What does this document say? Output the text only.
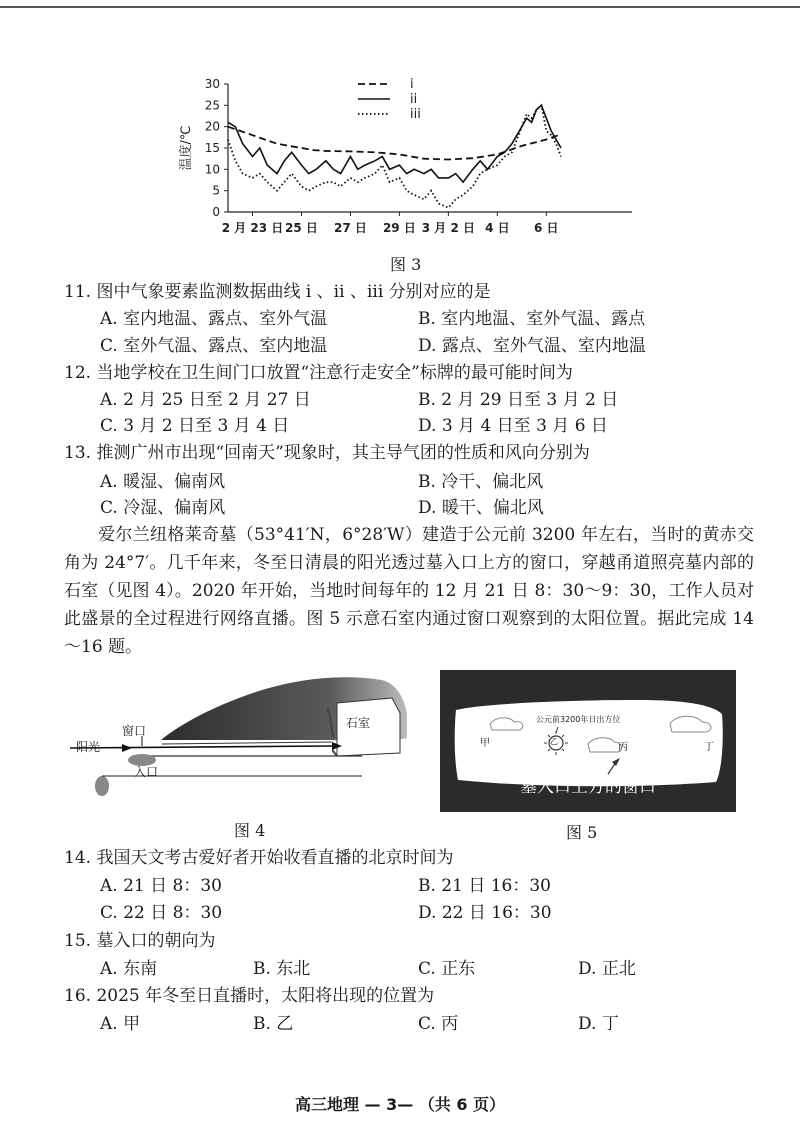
30
25
20
15
10
5
0
2 月 23 日 25 日 27 日 29 日 3 月 2 日 4 日 6 日
温度/℃
i
ii
iii
图 3
11. 图中气象要素监测数据曲线 i 、ii 、iii 分别对应的是
A. 室内地温、露点、室外气温	B. 室内地温、室外气温、露点
C. 室外气温、露点、室内地温	D. 露点、室外气温、室内地温
12. 当地学校在卫生间门口放置“注意行走安全”标牌的最可能时间为
A. 2 月 25 日至 2 月 27 日	B. 2 月 29 日至 3 月 2 日
C. 3 月 2 日至 3 月 4 日	D. 3 月 4 日至 3 月 6 日
13. 推测广州市出现“回南天”现象时，其主导气团的性质和风向分别为
A. 暖湿、偏南风	B. 冷干、偏北风
C. 冷湿、偏南风	D. 暖干、偏北风
爱尔兰纽格莱奇墓（53°41′N，6°28′W）建造于公元前 3200 年左右，当时的黄赤交角为 24°7′。几千年来，冬至日清晨的阳光透过墓入口上方的窗口，穿越甬道照亮墓内部的石室（见图 4）。2020 年开始，当地时间每年的 12 月 21 日 8：30～9：30，工作人员对此盛景的全过程进行网络直播。图 5 示意石室内通过窗口观察到的太阳位置。据此完成 14～16 题。
窗口
阳光
入口
石室
图 4
公元前3200年日出方位
甲	乙
丙	丁
墓入口上方的窗口
图 5
14. 我国天文考古爱好者开始收看直播的北京时间为
A. 21 日 8：30	B. 21 日 16：30
C. 22 日 8：30	D. 22 日 16：30
15. 墓入口的朝向为
A. 东南	B. 东北	C. 正东	D. 正北
16. 2025 年冬至日直播时，太阳将出现的位置为
A. 甲	B. 乙	C. 丙	D. 丁
高三地理 — 3— （共 6 页）
